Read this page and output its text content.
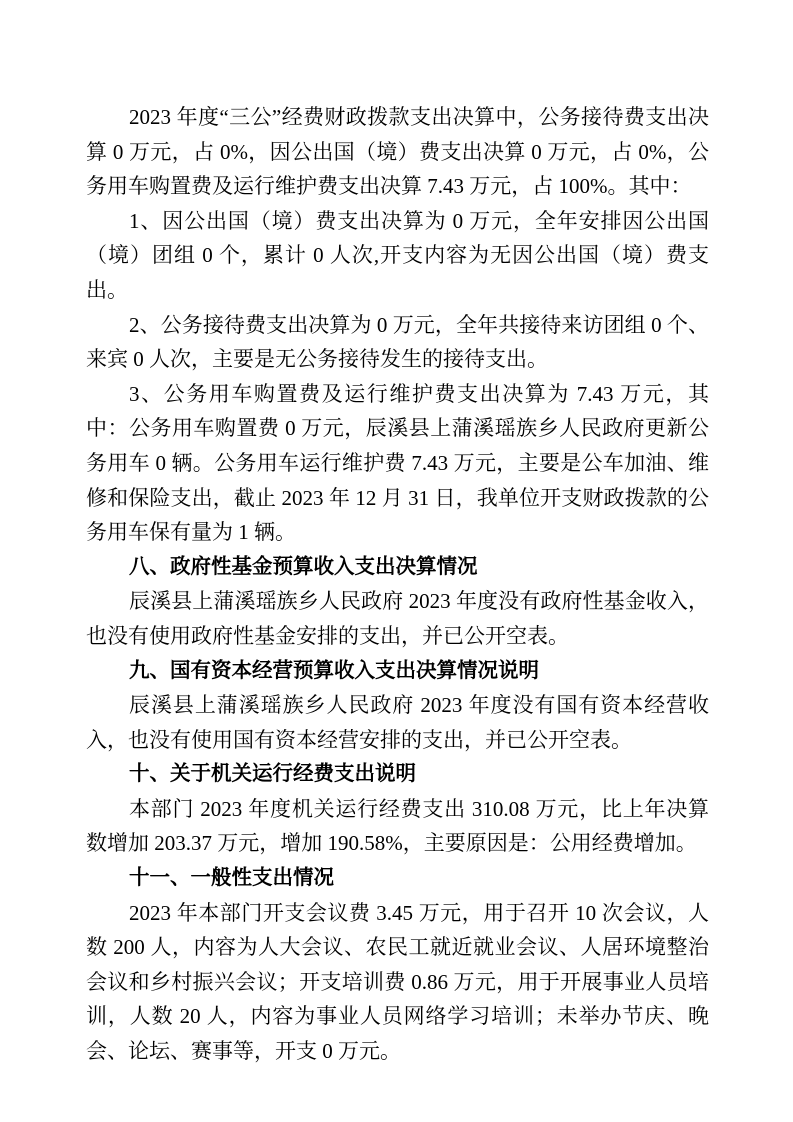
2023 年度“三公”经费财政拨款支出决算中，公务接待费支出决算 0 万元，占 0%，因公出国（境）费支出决算 0 万元，占 0%，公务用车购置费及运行维护费支出决算 7.43 万元，占 100%。其中：

1、因公出国（境）费支出决算为 0 万元，全年安排因公出国（境）团组 0 个，累计 0 人次,开支内容为无因公出国（境）费支出。

2、公务接待费支出决算为 0 万元，全年共接待来访团组 0 个、来宾 0 人次，主要是无公务接待发生的接待支出。

3、公务用车购置费及运行维护费支出决算为 7.43 万元，其中：公务用车购置费 0 万元，辰溪县上蒲溪瑶族乡人民政府更新公务用车 0 辆。公务用车运行维护费 7.43 万元，主要是公车加油、维修和保险支出，截止 2023 年 12 月 31 日，我单位开支财政拨款的公务用车保有量为 1 辆。

八、政府性基金预算收入支出决算情况

辰溪县上蒲溪瑶族乡人民政府 2023 年度没有政府性基金收入，也没有使用政府性基金安排的支出，并已公开空表。

九、国有资本经营预算收入支出决算情况说明

辰溪县上蒲溪瑶族乡人民政府 2023 年度没有国有资本经营收入，也没有使用国有资本经营安排的支出，并已公开空表。

十、关于机关运行经费支出说明

本部门 2023 年度机关运行经费支出 310.08 万元，比上年决算数增加 203.37 万元，增加 190.58%，主要原因是：公用经费增加。

十一、一般性支出情况

2023 年本部门开支会议费 3.45 万元，用于召开 10 次会议，人数 200 人，内容为人大会议、农民工就近就业会议、人居环境整治会议和乡村振兴会议；开支培训费 0.86 万元，用于开展事业人员培训，人数 20 人，内容为事业人员网络学习培训；未举办节庆、晚会、论坛、赛事等，开支 0 万元。
